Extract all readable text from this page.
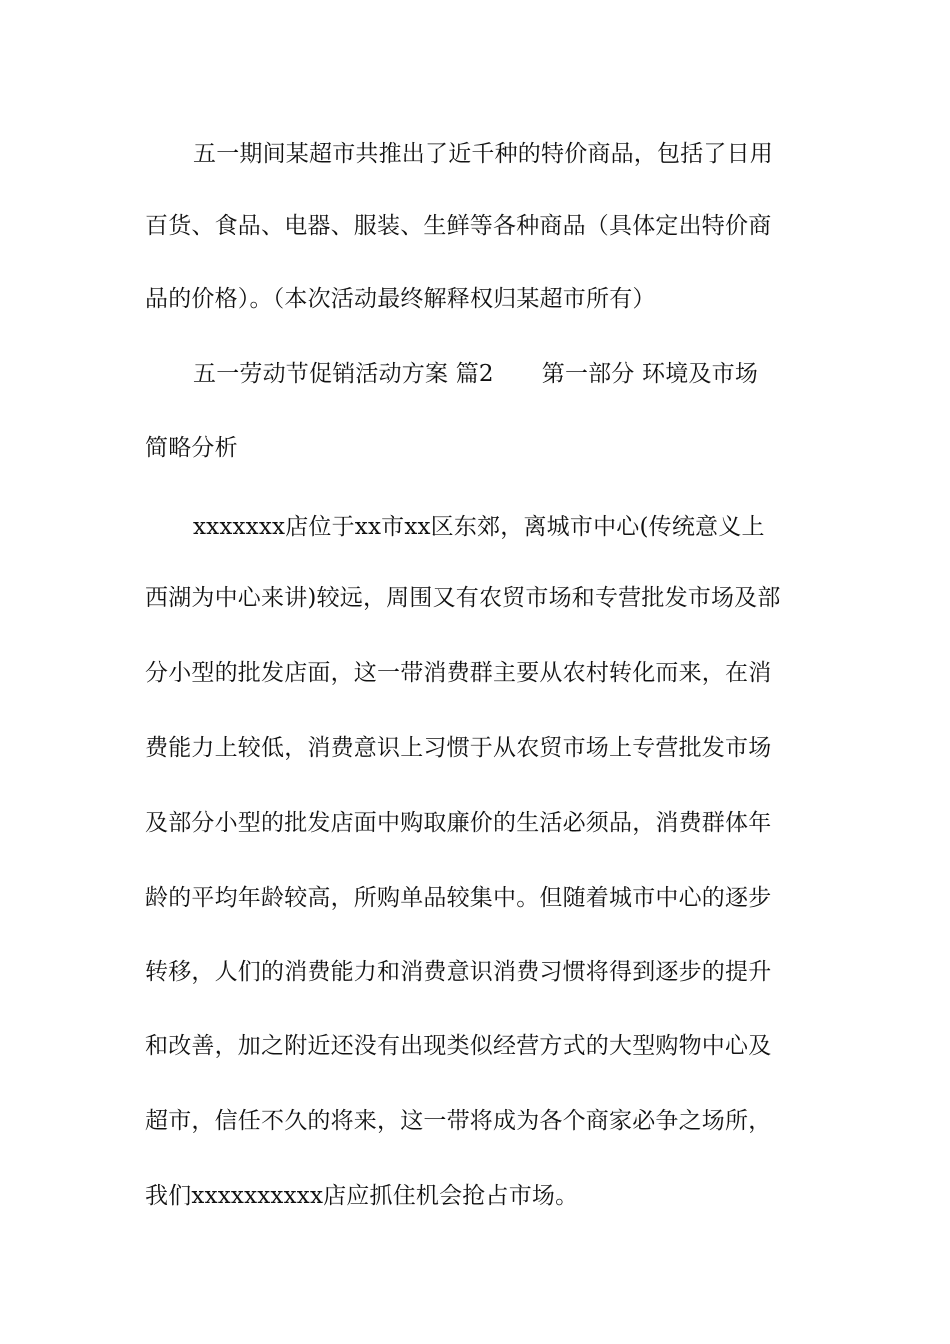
五一期间某超市共推出了近千种的特价商品，包括了日用
百货、食品、电器、服装、生鲜等各种商品（具体定出特价商
品的价格）。（本次活动最终解释权归某超市所有）
五一劳动节促销活动方案 篇2 第一部分 环境及市场
简略分析
xxxxxxx店位于xx市xx区东郊，离城市中心(传统意义上
西湖为中心来讲)较远，周围又有农贸市场和专营批发市场及部
分小型的批发店面，这一带消费群主要从农村转化而来，在消
费能力上较低，消费意识上习惯于从农贸市场上专营批发市场
及部分小型的批发店面中购取廉价的生活必须品，消费群体年
龄的平均年龄较高，所购单品较集中。但随着城市中心的逐步
转移，人们的消费能力和消费意识消费习惯将得到逐步的提升
和改善，加之附近还没有出现类似经营方式的大型购物中心及
超市，信任不久的将来，这一带将成为各个商家必争之场所，
我们xxxxxxxxxx店应抓住机会抢占市场。
